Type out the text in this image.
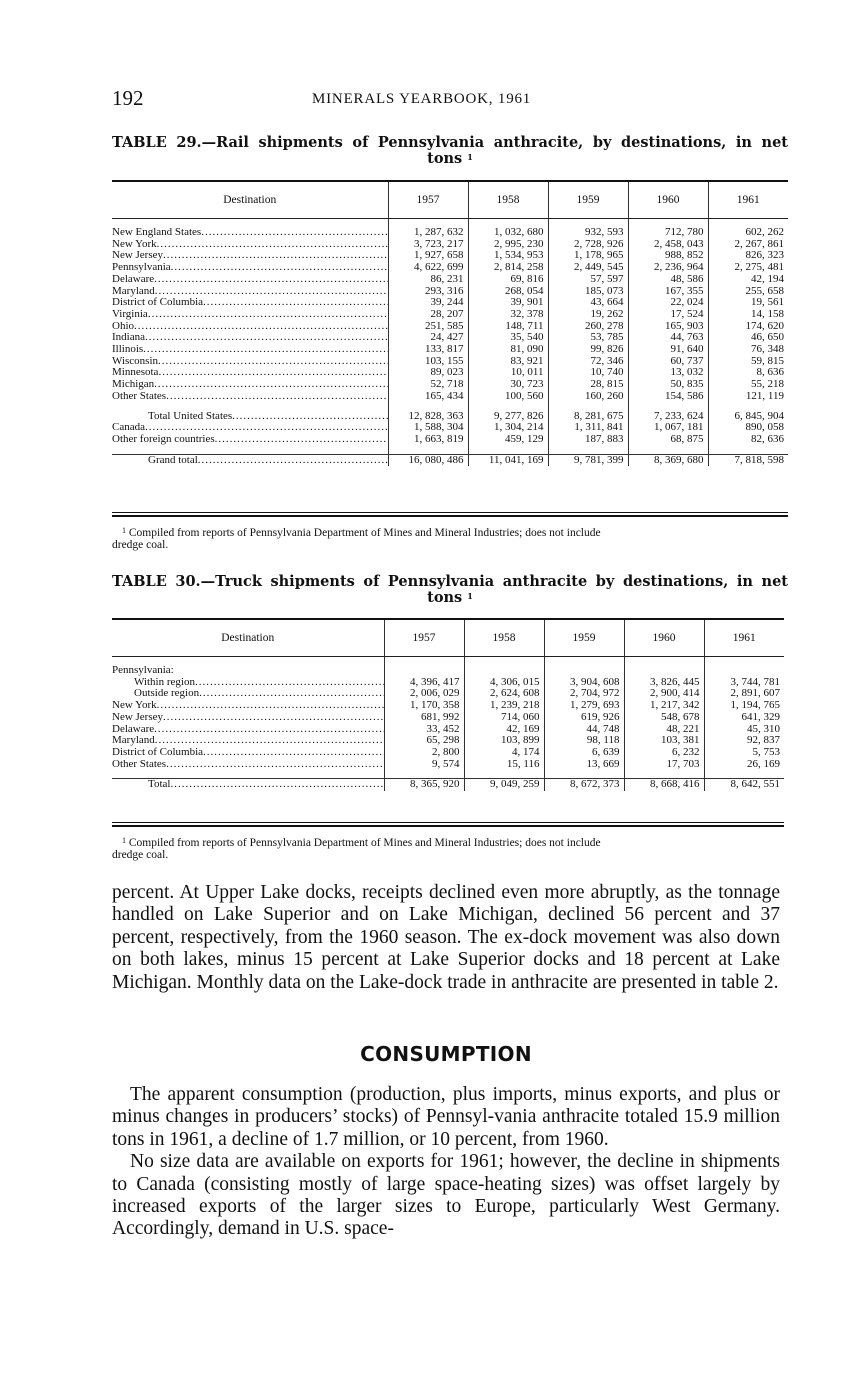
192	MINERALS YEARBOOK, 1961
TABLE 29.—Rail shipments of Pennsylvania anthracite, by destinations, in net
tons $^1$
Destination	1957	1958	1959	1960	1961

New England States .....	1, 287, 632	1, 032, 680	932, 593	712, 780	602, 262
New York .....	3, 723, 217	2, 995, 230	2, 728, 926	2, 458, 043	2, 267, 861
New Jersey .....	1, 927, 658	1, 534, 953	1, 178, 965	988, 852	826, 323
Pennsylvania .....	4, 622, 699	2, 814, 258	2, 449, 545	2, 236, 964	2, 275, 481
Delaware .....	86, 231	69, 816	57, 597	48, 586	42, 194
Maryland .....	293, 316	268, 054	185, 073	167, 355	255, 658
District of Columbia .....	39, 244	39, 901	43, 664	22, 024	19, 561
Virginia .....	28, 207	32, 378	19, 262	17, 524	14, 158
Ohio .....	251, 585	148, 711	260, 278	165, 903	174, 620
Indiana .....	24, 427	35, 540	53, 785	44, 763	46, 650
Illinois .....	133, 817	81, 090	99, 826	91, 640	76, 348
Wisconsin .....	103, 155	83, 921	72, 346	60, 737	59, 815
Minnesota .....	89, 023	10, 011	10, 740	13, 032	8, 636
Michigan .....	52, 718	30, 723	28, 815	50, 835	55, 218
Other States .....	165, 434	100, 560	160, 260	154, 586	121, 119

Total United States .....	12, 828, 363	9, 277, 826	8, 281, 675	7, 233, 624	6, 845, 904
Canada .....	1, 588, 304	1, 304, 214	1, 311, 841	1, 067, 181	890, 058
Other foreign countries .....	1, 663, 819	459, 129	187, 883	68, 875	82, 636

Grand total .....	16, 080, 486	11, 041, 169	9, 781, 399	8, 369, 680	7, 818, 598
$^1$ Compiled from reports of Pennsylvania Department of Mines and Mineral Industries; does not include
dredge coal.
TABLE 30.—Truck shipments of Pennsylvania anthracite by destinations, in net
tons $^1$
Destination	1957	1958	1959	1960	1961

Pennsylvania:					
Within region .....	4, 396, 417	4, 306, 015	3, 904, 608	3, 826, 445	3, 744, 781
Outside region .....	2, 006, 029	2, 624, 608	2, 704, 972	2, 900, 414	2, 891, 607
New York .....	1, 170, 358	1, 239, 218	1, 279, 693	1, 217, 342	1, 194, 765
New Jersey .....	681, 992	714, 060	619, 926	548, 678	641, 329
Delaware .....	33, 452	42, 169	44, 748	48, 221	45, 310
Maryland .....	65, 298	103, 899	98, 118	103, 381	92, 837
District of Columbia .....	2, 800	4, 174	6, 639	6, 232	5, 753
Other States .....	9, 574	15, 116	13, 669	17, 703	26, 169

Total .....	8, 365, 920	9, 049, 259	8, 672, 373	8, 668, 416	8, 642, 551
$^1$ Compiled from reports of Pennsylvania Department of Mines and Mineral Industries; does not include
dredge coal.

percent. At Upper Lake docks, receipts declined even more abruptly, as the tonnage handled on Lake Superior and on Lake Michigan, declined 56 percent and 37 percent, respectively, from the 1960 season. The ex-dock movement was also down on both lakes, minus 15 percent at Lake Superior docks and 18 percent at Lake Michigan. Monthly data on the Lake-dock trade in anthracite are presented in table 2.

CONSUMPTION

The apparent consumption (production, plus imports, minus exports, and plus or minus changes in producers’ stocks) of Pennsyl-vania anthracite totaled 15.9 million tons in 1961, a decline of 1.7 million, or 10 percent, from 1960.

No size data are available on exports for 1961; however, the decline in shipments to Canada (consisting mostly of large space-heating sizes) was offset largely by increased exports of the larger sizes to Europe, particularly West Germany. Accordingly, demand in U.S. space-
